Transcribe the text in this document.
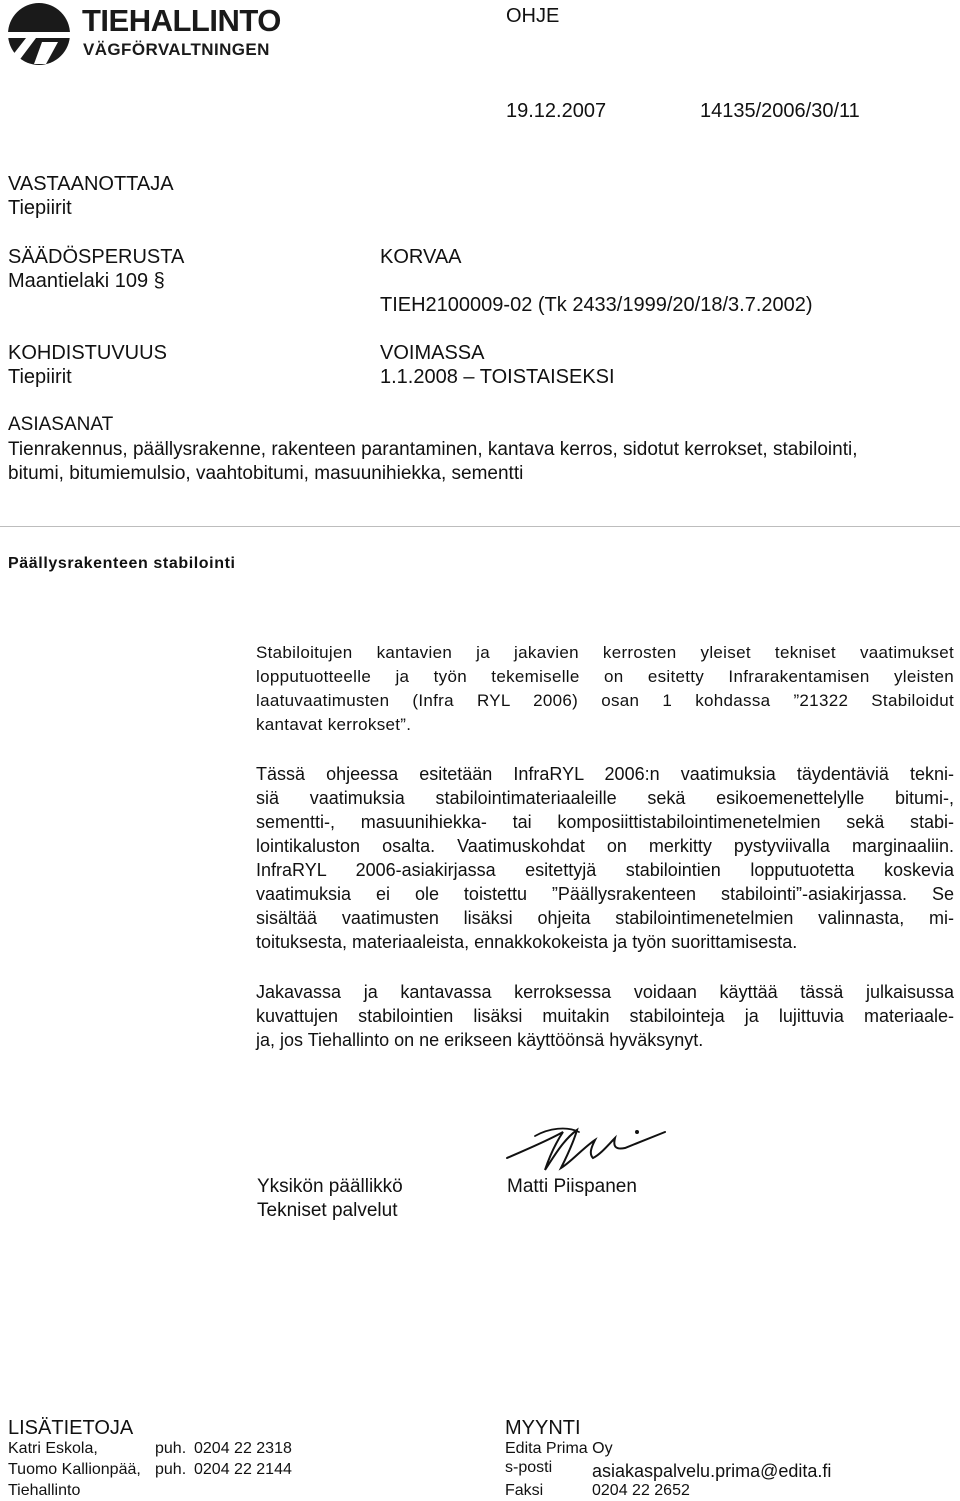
TIEHALLINTO
VÄGFÖRVALTNINGEN
OHJE
19.12.2007	14135/2006/30/11
VASTAANOTTAJA
Tiepiirit
SÄÄDÖSPERUSTA
Maantielaki 109 §
KOHDISTUVUUS
Tiepiirit
KORVAA
TIEH2100009-02 (Tk 2433/1999/20/18/3.7.2002)
VOIMASSA
1.1.2008 – TOISTAISEKSI
ASIASANAT
Tienrakennus, päällysrakenne, rakenteen parantaminen, kantava kerros, sidotut kerrokset, stabilointi,
bitumi, bitumiemulsio, vaahtobitumi, masuunihiekka, sementti
Päällysrakenteen stabilointi
Stabiloitujen kantavien ja jakavien kerrosten yleiset tekniset vaatimukset
lopputuotteelle ja työn tekemiselle on esitetty Infrarakentamisen yleisten
laatuvaatimusten (Infra RYL 2006) osan 1 kohdassa ”21322 Stabiloidut
kantavat kerrokset”.
Tässä ohjeessa esitetään InfraRYL 2006:n vaatimuksia täydentäviä tekni-
siä vaatimuksia stabilointimateriaaleille sekä esikoemenettelylle bitumi-,
sementti-, masuunihiekka- tai komposiittistabilointimenetelmien sekä stabi-
lointikaluston osalta. Vaatimuskohdat on merkitty pystyviivalla marginaaliin.
InfraRYL 2006-asiakirjassa esitettyjä stabilointien lopputuotetta koskevia
vaatimuksia ei ole toistettu ”Päällysrakenteen stabilointi”-asiakirjassa. Se
sisältää vaatimusten lisäksi ohjeita stabilointimenetelmien valinnasta, mi-
toituksesta, materiaaleista, ennakkokokeista ja työn suorittamisesta.
Jakavassa ja kantavassa kerroksessa voidaan käyttää tässä julkaisussa
kuvattujen stabilointien lisäksi muitakin stabilointeja ja lujittuvia materiaale-
ja, jos Tiehallinto on ne erikseen käyttöönsä hyväksynyt.
Yksikön päällikkö
Tekniset palvelut
Matti Piispanen
LISÄTIETOJA
Katri Eskola,	puh. 0204 22 2318
Tuomo Kallionpää, puh. 0204 22 2144
Tiehallinto
MYYNTI
Edita Prima Oy
s-posti asiakaspalvelu.prima@edita.fi
Faksi	0204 22 2652
